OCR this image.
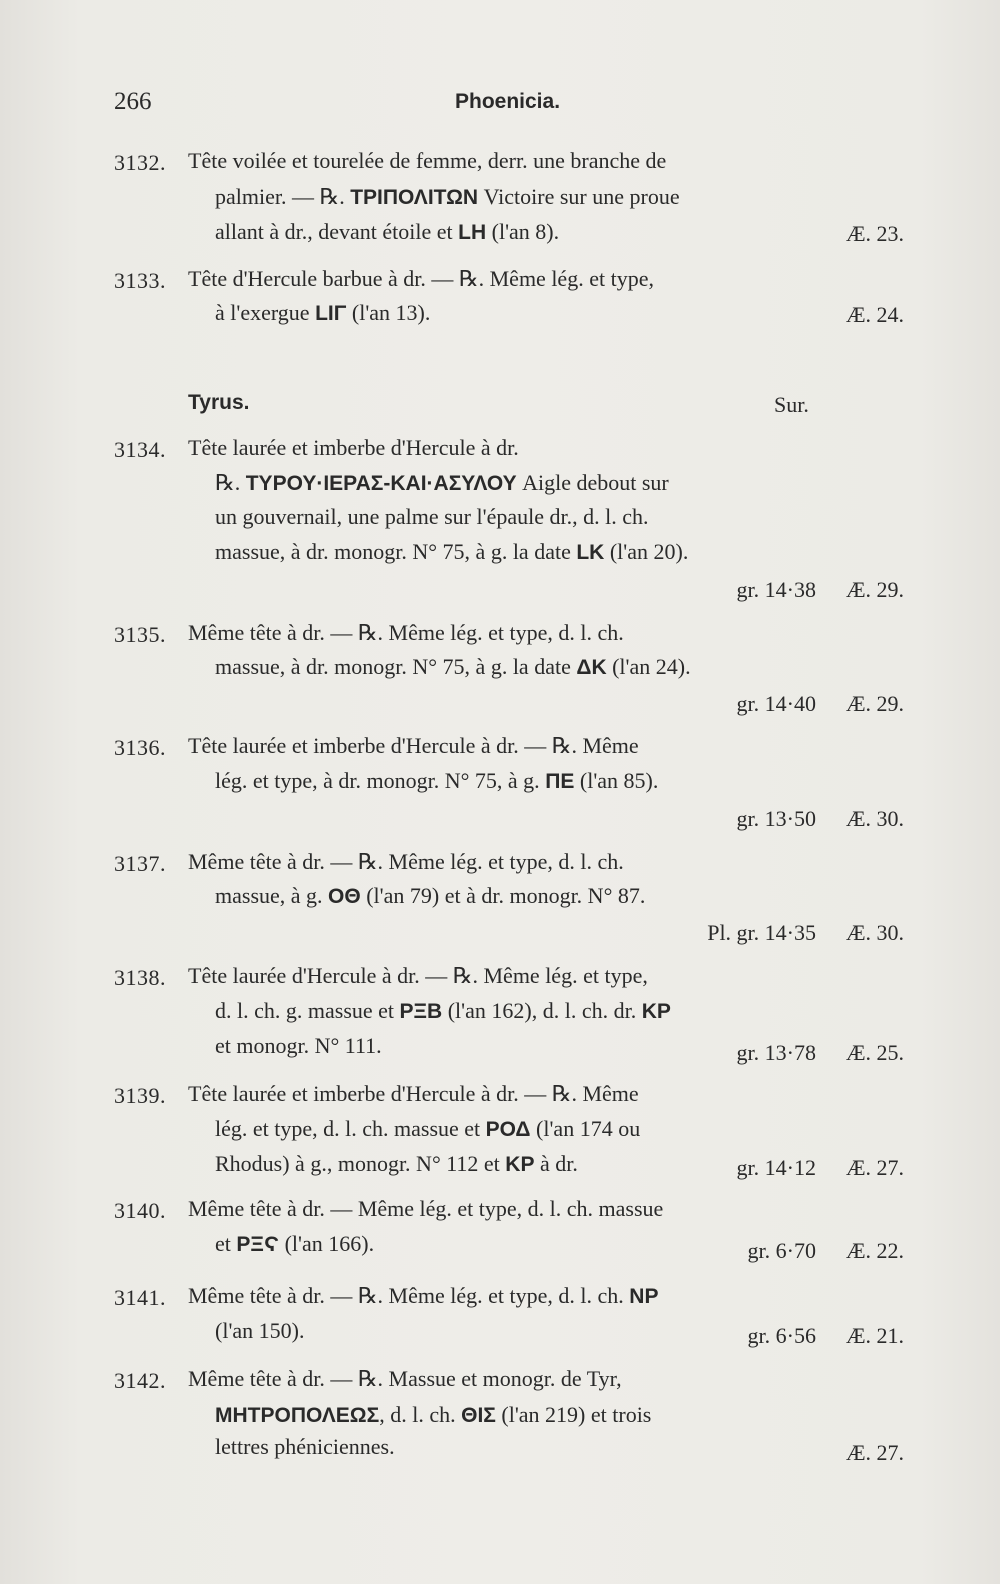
266	Phoenicia.
Tyrus.	Sur.
3132. Tête voilée et tourelée de femme, derr. une branche de
palmier. — ℞. ΤΡΙΠΟΛΙΤΩΝ Victoire sur une proue
allant à dr., devant étoile et LH (l'an 8).	Æ. 23.
3133. Tête d'Hercule barbue à dr. — ℞. Même lég. et type,
à l'exergue LIΓ (l'an 13).	Æ. 24.
3134. Tête laurée et imberbe d'Hercule à dr.
℞. ΤΥΡΟΥ·ΙΕΡΑΣ-ΚΑΙ·ΑΣΥΛΟΥ Aigle debout sur
un gouvernail, une palme sur l'épaule dr., d. l. ch.
massue, à dr. monogr. N° 75, à g. la date LK (l'an 20).
gr. 14·38 Æ. 29.
3135. Même tête à dr. — ℞. Même lég. et type, d. l. ch.
massue, à dr. monogr. N° 75, à g. la date ΔK (l'an 24).
gr. 14·40 Æ. 29.
3136. Tête laurée et imberbe d'Hercule à dr. — ℞. Même
lég. et type, à dr. monogr. N° 75, à g. ΠΕ (l'an 85).
gr. 13·50 Æ. 30.
3137. Même tête à dr. — ℞. Même lég. et type, d. l. ch.
massue, à g. ΟΘ (l'an 79) et à dr. monogr. N° 87.
Pl. gr. 14·35 Æ. 30.
3138. Tête laurée d'Hercule à dr. — ℞. Même lég. et type,
d. l. ch. g. massue et ΡΞΒ (l'an 162), d. l. ch. dr. ΚΡ
et monogr. N° 111.	gr. 13·78 Æ. 25.
3139. Tête laurée et imberbe d'Hercule à dr. — ℞. Même
lég. et type, d. l. ch. massue et ΡΟΔ (l'an 174 ou
Rhodus) à g., monogr. N° 112 et ΚΡ à dr.	gr. 14·12 Æ. 27.
3140. Même tête à dr. — Même lég. et type, d. l. ch. massue
et ΡΞϚ (l'an 166).	gr. 6·70 Æ. 22.
3141. Même tête à dr. — ℞. Même lég. et type, d. l. ch. ΝΡ
(l'an 150).	gr. 6·56 Æ. 21.
3142. Même tête à dr. — ℞. Massue et monogr. de Tyr,
ΜΗΤΡΟΠΟΛΕΩΣ, d. l. ch. ΘΙΣ (l'an 219) et trois
lettres phéniciennes.	Æ. 27.
